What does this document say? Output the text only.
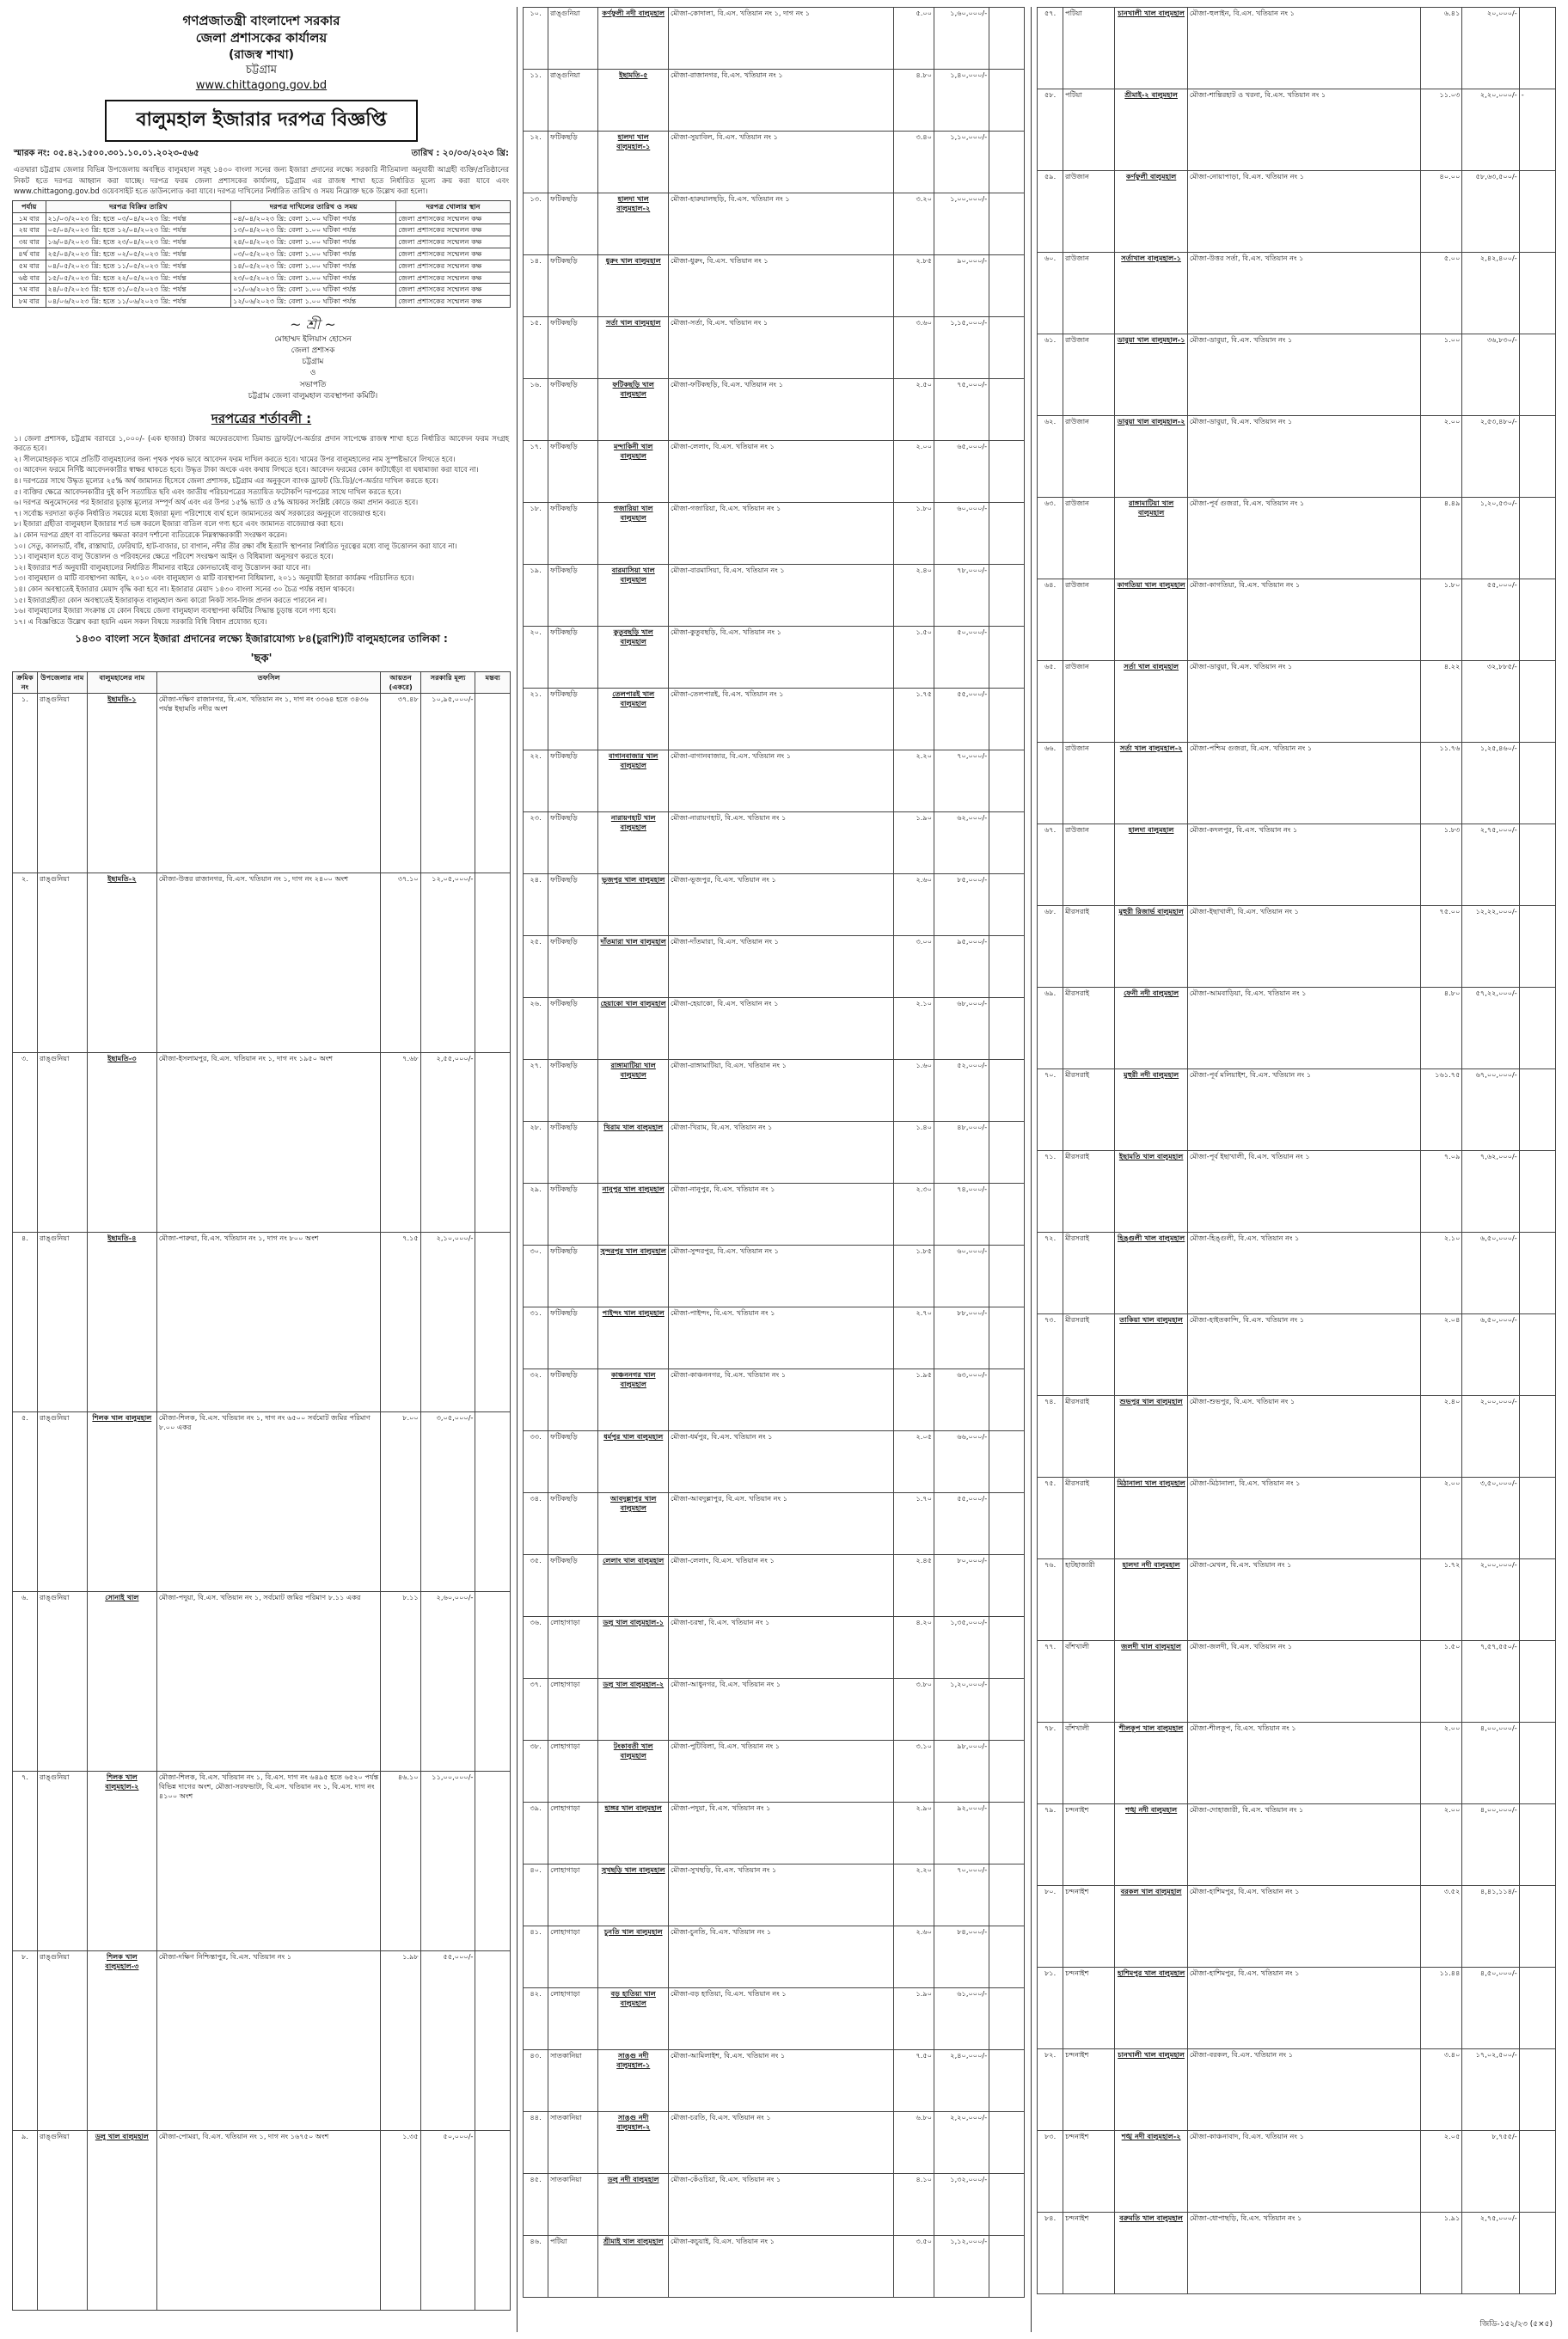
গণপ্রজাতন্ত্রী বাংলাদেশ সরকার
জেলা প্রশাসকের কার্যালয়
(রাজস্ব শাখা)
চট্টগ্রাম
www.chittagong.gov.bd
বালুমহাল ইজারার দরপত্র বিজ্ঞপ্তি
স্মারক নং: ০৫.৪২.১৫০০.৩০১.১০.০১.২০২৩-৫৬৫	তারিখ : ২০/০৩/২০২৩ খ্রি:
এতদ্বারা চট্টগ্রাম জেলার বিভিন্ন উপজেলায় অবস্থিত বালুমহাল সমূহ ১৪৩০ বাংলা সনের জন্য ইজারা প্রদানের লক্ষ্যে সরকারি নীতিমালা অনুযায়ী আগ্রহী ব্যক্তি/প্রতিষ্ঠানের নিকট হতে দরপত্র আহ্বান করা যাচ্ছে। দরপত্র ফরম জেলা প্রশাসকের কার্যালয়, চট্টগ্রাম এর রাজস্ব শাখা হতে নির্ধারিত মূল্যে ক্রয় করা যাবে এবং www.chittagong.gov.bd ওয়েবসাইট হতে ডাউনলোড করা যাবে। দরপত্র দাখিলের নির্ধারিত তারিখ ও সময় নিম্নোক্ত ছকে উল্লেখ করা হলো।
পর্যায়	দরপত্র বিক্রির তারিখ	দরপত্র দাখিলের তারিখ ও সময়	দরপত্র খোলার স্থান
১ম বার	২১/০৩/২০২৩ খ্রি: হতে ০৩/০৪/২০২৩ খ্রি: পর্যন্ত	০৪/০৪/২০২৩ খ্রি: বেলা ১.০০ ঘটিকা পর্যন্ত	জেলা প্রশাসকের সম্মেলন কক্ষ
২য় বার	০৫/০৪/২০২৩ খ্রি: হতে ১২/০৪/২০২৩ খ্রি: পর্যন্ত	১৩/০৪/২০২৩ খ্রি: বেলা ১.০০ ঘটিকা পর্যন্ত	জেলা প্রশাসকের সম্মেলন কক্ষ
৩য় বার	১৬/০৪/২০২৩ খ্রি: হতে ২৩/০৪/২০২৩ খ্রি: পর্যন্ত	২৪/০৪/২০২৩ খ্রি: বেলা ১.০০ ঘটিকা পর্যন্ত	জেলা প্রশাসকের সম্মেলন কক্ষ
৪র্থ বার	২৫/০৪/২০২৩ খ্রি: হতে ০২/০৫/২০২৩ খ্রি: পর্যন্ত	০৩/০৫/২০২৩ খ্রি: বেলা ১.০০ ঘটিকা পর্যন্ত	জেলা প্রশাসকের সম্মেলন কক্ষ
৫ম বার	০৪/০৫/২০২৩ খ্রি: হতে ১১/০৫/২০২৩ খ্রি: পর্যন্ত	১৪/০৫/২০২৩ খ্রি: বেলা ১.০০ ঘটিকা পর্যন্ত	জেলা প্রশাসকের সম্মেলন কক্ষ
৬ষ্ঠ বার	১৫/০৫/২০২৩ খ্রি: হতে ২২/০৫/২০২৩ খ্রি: পর্যন্ত	২৩/০৫/২০২৩ খ্রি: বেলা ১.০০ ঘটিকা পর্যন্ত	জেলা প্রশাসকের সম্মেলন কক্ষ
৭ম বার	২৪/০৫/২০২৩ খ্রি: হতে ৩১/০৫/২০২৩ খ্রি: পর্যন্ত	০১/০৬/২০২৩ খ্রি: বেলা ১.০০ ঘটিকা পর্যন্ত	জেলা প্রশাসকের সম্মেলন কক্ষ
৮ম বার	০৪/০৬/২০২৩ খ্রি: হতে ১১/০৬/২০২৩ খ্রি: পর্যন্ত	১২/০৬/২০২৩ খ্রি: বেলা ১.০০ ঘটিকা পর্যন্ত	জেলা প্রশাসকের সম্মেলন কক্ষ
~ শ্রী ~
মোহাম্মদ ইলিয়াস হোসেন
জেলা প্রশাসক
চট্টগ্রাম
ও
সভাপতি
চট্টগ্রাম জেলা বালুমহাল ব্যবস্থাপনা কমিটি।
দরপত্রের শর্তাবলী :
১। জেলা প্রশাসক, চট্টগ্রাম বরাবরে ১,০০০/- (এক হাজার) টাকার অফেরতযোগ্য ডিমান্ড ড্রাফট/পে-অর্ডার প্রদান সাপেক্ষে রাজস্ব শাখা হতে নির্ধারিত আবেদন ফরম সংগ্রহ করতে হবে।
২। সীলমোহরকৃত খামে প্রতিটি বালুমহালের জন্য পৃথক পৃথক ভাবে আবেদন ফরম দাখিল করতে হবে। খামের উপর বালুমহালের নাম সুস্পষ্টভাবে লিখতে হবে।
৩। আবেদন ফরমে নির্দিষ্ট আবেদনকারীর স্বাক্ষর থাকতে হবে। উদ্ধৃত টাকা অংকে এবং কথায় লিখতে হবে। আবেদন ফরমের কোন কাটাছেঁড়া বা ঘষামাজা করা যাবে না।
৪। দরপত্রের সাথে উদ্ধৃত মূল্যের ২৫% অর্থ জামানত হিসেবে জেলা প্রশাসক, চট্টগ্রাম এর অনুকূলে ব্যাংক ড্রাফট (ডি.ডি)/পে-অর্ডার দাখিল করতে হবে।
৫। ব্যক্তির ক্ষেত্রে আবেদনকারীর দুই কপি সত্যায়িত ছবি এবং জাতীয় পরিচয়পত্রের সত্যায়িত ফটোকপি দরপত্রের সাথে দাখিল করতে হবে।
৬। দরপত্র অনুমোদনের পর ইজারার চূড়ান্ত মূল্যের সম্পূর্ণ অর্থ এবং এর উপর ১৫% ভ্যাট ও ৫% আয়কর সংশ্লিষ্ট কোডে জমা প্রদান করতে হবে।
৭। সর্বোচ্চ দরদাতা কর্তৃক নির্ধারিত সময়ের মধ্যে ইজারা মূল্য পরিশোধে ব্যর্থ হলে জামানতের অর্থ সরকারের অনুকূলে বাজেয়াপ্ত হবে।
৮। ইজারা গ্রহীতা বালুমহাল ইজারার শর্ত ভঙ্গ করলে ইজারা বাতিল বলে গণ্য হবে এবং জামানত বাজেয়াপ্ত করা হবে।
৯। কোন দরপত্র গ্রহণ বা বাতিলের ক্ষমতা কারণ দর্শানো ব্যতিরেকে নিম্নস্বাক্ষরকারী সংরক্ষণ করেন।
১০। সেতু, কালভার্ট, বাঁধ, রাস্তাঘাট, ফেরিঘাট, হাট-বাজার, চা বাগান, নদীর তীর রক্ষা বাঁধ ইত্যাদি স্থাপনার নির্ধারিত দূরত্বের মধ্যে বালু উত্তোলন করা যাবে না।
১১। বালুমহাল হতে বালু উত্তোলন ও পরিবহনের ক্ষেত্রে পরিবেশ সংরক্ষণ আইন ও বিধিমালা অনুসরণ করতে হবে।
১২। ইজারার শর্ত অনুযায়ী বালুমহালের নির্ধারিত সীমানার বাইরে কোনভাবেই বালু উত্তোলন করা যাবে না।
১৩। বালুমহাল ও মাটি ব্যবস্থাপনা আইন, ২০১০ এবং বালুমহাল ও মাটি ব্যবস্থাপনা বিধিমালা, ২০১১ অনুযায়ী ইজারা কার্যক্রম পরিচালিত হবে।
১৪। কোন অবস্থাতেই ইজারার মেয়াদ বৃদ্ধি করা হবে না। ইজারার মেয়াদ ১৪৩০ বাংলা সনের ৩০ চৈত্র পর্যন্ত বহাল থাকবে।
১৫। ইজারাগ্রহীতা কোন অবস্থাতেই ইজারাকৃত বালুমহাল অন্য কারো নিকট সাব-লিজ প্রদান করতে পারবেন না।
১৬। বালুমহালের ইজারা সংক্রান্ত যে কোন বিষয়ে জেলা বালুমহাল ব্যবস্থাপনা কমিটির সিদ্ধান্ত চূড়ান্ত বলে গণ্য হবে।
১৭। এ বিজ্ঞপ্তিতে উল্লেখ করা হয়নি এমন সকল বিষয়ে সরকারি বিধি বিধান প্রযোজ্য হবে।
১৪৩০ বাংলা সনে ইজারা প্রদানের লক্ষ্যে ইজারাযোগ্য ৮৪(চুরাশি)টি বালুমহালের তালিকা :
'ছক'
ক্রমিক নং	উপজেলার নাম	বালুমহালের নাম	তফসিল	আয়তন (একরে)	সরকারি মূল্য	মন্তব্য
১.	রাঙ্গুনিয়া	ইছামতি-১	মৌজা-দক্ষিণ রাজানগর, বি.এস. খতিয়ান নং ১, দাগ নং ৩৩৬৪ হতে ৩৪৩৬ পর্যন্ত ইছামতি নদীর অংশ	৩৭.৪৮	১০,৯৫,০০০/-	
২.	রাঙ্গুনিয়া	ইছামতি-২	মৌজা-উত্তর রাজানগর, বি.এস. খতিয়ান নং ১, দাগ নং ২৪০০ অংশ	৩৭.১০	১২,০৫,০০০/-	
৩.	রাঙ্গুনিয়া	ইছামতি-৩	মৌজা-ইসলামপুর, বি.এস. খতিয়ান নং ১, দাগ নং ১৯৫০ অংশ	৭.৬৮	২,৫৫,০০০/-	
৪.	রাঙ্গুনিয়া	ইছামতি-৪	মৌজা-পারুয়া, বি.এস. খতিয়ান নং ১, দাগ নং ৮০০ অংশ	৭.১৫	২,১০,০০০/-	
৫.	রাঙ্গুনিয়া	শিলক খাল বালুমহাল	মৌজা-শিলক, বি.এস. খতিয়ান নং ১, দাগ নং ৬৫০০ সর্বমোট জমির পরিমাণ ৮.০০ একর	৮.০০	৩,০৫,০০০/-	
৬.	রাঙ্গুনিয়া	সোনাই খাল	মৌজা-পদুয়া, বি.এস. খতিয়ান নং ১, সর্বমোট জমির পরিমাণ ৮.১১ একর	৮.১১	২,৬০,০০০/-	
৭.	রাঙ্গুনিয়া	শিলক খাল বালুমহাল-২	মৌজা-শিলক, বি.এস. খতিয়ান নং ১, বি.এস. দাগ নং ৬৪৯৫ হতে ৬৫২০ পর্যন্ত বিভিন্ন দাগের অংশ, মৌজা-সরফভাটা, বি.এস. খতিয়ান নং ১, বি.এস. দাগ নং ৪১০০ অংশ	৪৬.১০	১১,০০,০০০/-	
৮.	রাঙ্গুনিয়া	শিলক খাল বালুমহাল-৩	মৌজা-দক্ষিণ নিশ্চিন্তাপুর, বি.এস. খতিয়ান নং ১	১.৯৮	৫৫,০০০/-	
৯.	রাঙ্গুনিয়া	ডলু খাল বালুমহাল	মৌজা-পোমরা, বি.এস. খতিয়ান নং ১, দাগ নং ১৬৭৫০ অংশ	১.৩৫	৫০,০০০/-	
১০.	রাঙ্গুনিয়া	কর্ণফুলী নদী বালুমহাল	মৌজা-কোদালা, বি.এস. খতিয়ান নং ১, দাগ নং ১	৫.০০	১,৬০,০০০/-	
১১.	রাঙ্গুনিয়া	ইছামতি-৫	মৌজা-রাজানগর, বি.এস. খতিয়ান নং ১	৪.৮০	১,৪০,০০০/-	
১২.	ফটিকছড়ি	হালদা খাল বালুমহাল-১	মৌজা-সুয়াবিল, বি.এস. খতিয়ান নং ১	৩.৪০	১,১০,০০০/-	
১৩.	ফটিকছড়ি	হালদা খাল বালুমহাল-২	মৌজা-হারুয়ালছড়ি, বি.এস. খতিয়ান নং ১	৩.২০	১,০০,০০০/-	
১৪.	ফটিকছড়ি	ধুরুং খাল বালুমহাল	মৌজা-ধুরুং, বি.এস. খতিয়ান নং ১	২.৮৫	৯০,০০০/-	
১৫.	ফটিকছড়ি	সর্তা খাল বালুমহাল	মৌজা-সর্তা, বি.এস. খতিয়ান নং ১	৩.৬০	১,১৫,০০০/-	
১৬.	ফটিকছড়ি	ফটিকছড়ি খাল বালুমহাল	মৌজা-ফটিকছড়ি, বি.এস. খতিয়ান নং ১	২.৫০	৭৫,০০০/-	
১৭.	ফটিকছড়ি	মন্দাকিনী খাল বালুমহাল	মৌজা-লেলাং, বি.এস. খতিয়ান নং ১	২.০০	৬৫,০০০/-	
১৮.	ফটিকছড়ি	গজারিয়া খাল বালুমহাল	মৌজা-গজারিয়া, বি.এস. খতিয়ান নং ১	১.৮০	৬০,০০০/-	
১৯.	ফটিকছড়ি	বারমাসিয়া খাল বালুমহাল	মৌজা-বারমাসিয়া, বি.এস. খতিয়ান নং ১	২.৪০	৭৮,০০০/-	
২০.	ফটিকছড়ি	কুতুবছড়ি খাল বালুমহাল	মৌজা-কুতুবছড়ি, বি.এস. খতিয়ান নং ১	১.৫০	৫০,০০০/-	
২১.	ফটিকছড়ি	তেলপারই খাল বালুমহাল	মৌজা-তেলপারই, বি.এস. খতিয়ান নং ১	১.৭৫	৫৫,০০০/-	
২২.	ফটিকছড়ি	বাগানবাজার খাল বালুমহাল	মৌজা-বাগানবাজার, বি.এস. খতিয়ান নং ১	২.২০	৭০,০০০/-	
২৩.	ফটিকছড়ি	নারায়ণহাট খাল বালুমহাল	মৌজা-নারায়ণহাট, বি.এস. খতিয়ান নং ১	১.৯০	৬২,০০০/-	
২৪.	ফটিকছড়ি	ভূজপুর খাল বালুমহাল	মৌজা-ভূজপুর, বি.এস. খতিয়ান নং ১	২.৬০	৮৫,০০০/-	
২৫.	ফটিকছড়ি	দাঁতমারা খাল বালুমহাল	মৌজা-দাঁতমারা, বি.এস. খতিয়ান নং ১	৩.০০	৯৫,০০০/-	
২৬.	ফটিকছড়ি	হেয়াকো খাল বালুমহাল	মৌজা-হেয়াকো, বি.এস. খতিয়ান নং ১	২.১০	৬৮,০০০/-	
২৭.	ফটিকছড়ি	রাঙ্গামাটিয়া খাল বালুমহাল	মৌজা-রাঙ্গামাটিয়া, বি.এস. খতিয়ান নং ১	১.৬০	৫২,০০০/-	
২৮.	ফটিকছড়ি	খিরাম খাল বালুমহাল	মৌজা-খিরাম, বি.এস. খতিয়ান নং ১	১.৪০	৪৮,০০০/-	
২৯.	ফটিকছড়ি	নানুপুর খাল বালুমহাল	মৌজা-নানুপুর, বি.এস. খতিয়ান নং ১	২.৩০	৭৪,০০০/-	
৩০.	ফটিকছড়ি	সুন্দরপুর খাল বালুমহাল	মৌজা-সুন্দরপুর, বি.এস. খতিয়ান নং ১	১.৮৫	৬০,০০০/-	
৩১.	ফটিকছড়ি	পাইন্দং খাল বালুমহাল	মৌজা-পাইন্দং, বি.এস. খতিয়ান নং ১	২.৭০	৮৮,০০০/-	
৩২.	ফটিকছড়ি	কাঞ্চননগর খাল বালুমহাল	মৌজা-কাঞ্চননগর, বি.এস. খতিয়ান নং ১	১.৯৫	৬৩,০০০/-	
৩৩.	ফটিকছড়ি	ধর্মপুর খাল বালুমহাল	মৌজা-ধর্মপুর, বি.এস. খতিয়ান নং ১	২.০৫	৬৬,০০০/-	
৩৪.	ফটিকছড়ি	আবদুল্লাপুর খাল বালুমহাল	মৌজা-আবদুল্লাপুর, বি.এস. খতিয়ান নং ১	১.৭০	৫৫,০০০/-	
৩৫.	ফটিকছড়ি	লেলাং খাল বালুমহাল	মৌজা-লেলাং, বি.এস. খতিয়ান নং ১	২.৪৫	৮০,০০০/-	
৩৬.	লোহাগাড়া	ডলু খাল বালুমহাল-১	মৌজা-চরম্বা, বি.এস. খতিয়ান নং ১	৪.২০	১,৩৫,০০০/-	
৩৭.	লোহাগাড়া	ডলু খাল বালুমহাল-২	মৌজা-আধুনগর, বি.এস. খতিয়ান নং ১	৩.৮০	১,২০,০০০/-	
৩৮.	লোহাগাড়া	টংকাবতী খাল বালুমহাল	মৌজা-পুটিবিলা, বি.এস. খতিয়ান নং ১	৩.১০	৯৮,০০০/-	
৩৯.	লোহাগাড়া	হাঙ্গর খাল বালুমহাল	মৌজা-পদুয়া, বি.এস. খতিয়ান নং ১	২.৯০	৯২,০০০/-	
৪০.	লোহাগাড়া	সুখছড়ি খাল বালুমহাল	মৌজা-সুখছড়ি, বি.এস. খতিয়ান নং ১	২.২০	৭০,০০০/-	
৪১.	লোহাগাড়া	চুনতি খাল বালুমহাল	মৌজা-চুনতি, বি.এস. খতিয়ান নং ১	২.৬০	৮৪,০০০/-	
৪২.	লোহাগাড়া	বড় হাতিয়া খাল বালুমহাল	মৌজা-বড় হাতিয়া, বি.এস. খতিয়ান নং ১	১.৯০	৬১,০০০/-	
৪৩.	সাতকানিয়া	সাঙ্গু নদী বালুমহাল-১	মৌজা-আমিলাইশ, বি.এস. খতিয়ান নং ১	৭.৫০	২,৪০,০০০/-	
৪৪.	সাতকানিয়া	সাঙ্গু নদী বালুমহাল-২	মৌজা-চরতি, বি.এস. খতিয়ান নং ১	৬.৮০	২,২০,০০০/-	
৪৫.	সাতকানিয়া	ডলু নদী বালুমহাল	মৌজা-কেঁওচিয়া, বি.এস. খতিয়ান নং ১	৪.১০	১,৩২,০০০/-	
৪৬.	পটিয়া	শ্রীমাই খাল বালুমহাল	মৌজা-কচুয়াই, বি.এস. খতিয়ান নং ১	৩.৫০	১,১২,০০০/-	
৫৭.	পটিয়া	চানখালী খাল বালুমহাল	মৌজা-হুলাইন, বি.এস. খতিয়ান নং ১	৬.৪১	২০,০০০/-	
৫৮.	পটিয়া	শ্রীমাই-২ বালুমহাল	মৌজা-শান্তিরহাট ও খরনা, বি.এস. খতিয়ান নং ১	১১.০৩	২,২০,০০০/-	-
৫৯.	রাউজান	কর্ণফুলী বালুমহাল	মৌজা-নোয়াপাড়া, বি.এস. খতিয়ান নং ১	৪০.০০	৫৮,৬৩,৫০০/-	
৬০.	রাউজান	সর্তাখাল বালুমহাল-১	মৌজা-উত্তর সর্তা, বি.এস. খতিয়ান নং ১	৫.০০	২,৪২,৪০০/-	
৬১.	রাউজান	ডাবুয়া খাল বালুমহাল-১	মৌজা-ডাবুয়া, বি.এস. খতিয়ান নং ১	১.০০	৩৬,৮৩০/-	
৬২.	রাউজান	ডাবুয়া খাল বালুমহাল-২	মৌজা-ডাবুয়া, বি.এস. খতিয়ান নং ১	২.০০	২,৫৩,৪৮০/-	
৬৩.	রাউজান	রাঙ্গামাটিয়া খাল বালুমহাল	মৌজা-পূর্ব গুজরা, বি.এস. খতিয়ান নং ১	৪.৪৯	১,২০,৫৩০/-	
৬৪.	রাউজান	কাগতিয়া খাল বালুমহাল	মৌজা-কাগতিয়া, বি.এস. খতিয়ান নং ১	১.৮০	৫৫,০০০/-	
৬৫.	রাউজান	সর্তা খাল বালুমহাল	মৌজা-ডাবুয়া, বি.এস. খতিয়ান নং ১	৪.২২	৩২,৮৮৫/-	
৬৬.	রাউজান	সর্তা খাল বালুমহাল-২	মৌজা-পশ্চিম গুজরা, বি.এস. খতিয়ান নং ১	১১.৭৬	১,২৫,৪৬০/-	
৬৭.	রাউজান	হালদা বালুমহাল	মৌজা-কদলপুর, বি.এস. খতিয়ান নং ১	১.৮৩	২,৭৫,০০০/-	
৬৮.	মীরসরাই	মুহুরী রিজার্ভ বালুমহাল	মৌজা-ইছাখালী, বি.এস. খতিয়ান নং ১	৭৫.০০	১২,২২,০০০/-	
৬৯.	মীরসরাই	ফেনী নদী বালুমহাল	মৌজা-আমবাড়িয়া, বি.এস. খতিয়ান নং ১	৪.৮০	৫৭,২২,০০০/-	
৭০.	মীরসরাই	মুহুরী নদী বালুমহাল	মৌজা-পূর্ব মলিয়াইশ, বি.এস. খতিয়ান নং ১	১৬১.৭৫	৬৭,০০,০০০/-	
৭১.	মীরসরাই	ইছামতি খাল বালুমহাল	মৌজা-পূর্ব ইছাখালী, বি.এস. খতিয়ান নং ১	৭.০৯	৭,৬২,০০০/-	
৭২.	মীরসরাই	হিঙ্গুলী খাল বালুমহাল	মৌজা-হিঙ্গুলী, বি.এস. খতিয়ান নং ১	২.১০	৬,৫০,০০০/-	
৭৩.	মীরসরাই	তাকিয়া খাল বালুমহাল	মৌজা-হাইতকান্দি, বি.এস. খতিয়ান নং ১	২.০৪	৬,৫০,০০০/-	
৭৪.	মীরসরাই	শুভপুর খাল বালুমহাল	মৌজা-শুভপুর, বি.এস. খতিয়ান নং ১	২.৪০	২,০০,০০০/-	
৭৫.	মীরসরাই	মিঠানালা খাল বালুমহাল	মৌজা-মিঠানালা, বি.এস. খতিয়ান নং ১	২.০০	৩,৫০,০০০/-	
৭৬.	হাটহাজারী	হালদা নদী বালুমহাল	মৌজা-মেখল, বি.এস. খতিয়ান নং ১	১.৭২	২,০০,০০০/-	
৭৭.	বাঁশখালী	জলদী খাল বালুমহাল	মৌজা-জলদী, বি.এস. খতিয়ান নং ১	১.৫০	৭,৫৭,৫৫০/-	
৭৮.	বাঁশখালী	শীলকূপ খাল বালুমহাল	মৌজা-শীলকূপ, বি.এস. খতিয়ান নং ১	২.০০	৪,০০,০০০/-	
৭৯.	চন্দনাইশ	শঙ্খ নদী বালুমহাল	মৌজা-দোহাজারী, বি.এস. খতিয়ান নং ১	২.০০	৪,০০,০০০/-	
৮০.	চন্দনাইশ	বরকল খাল বালুমহাল	মৌজা-হাশিমপুর, বি.এস. খতিয়ান নং ১	৩.৫২	৪,৪১,১১৪/-	
৮১.	চন্দনাইশ	হাশিমপুর খাল বালুমহাল	মৌজা-হাশিমপুর, বি.এস. খতিয়ান নং ১	১১.৪৪	৪,৫০,০০০/-	
৮২.	চন্দনাইশ	চানখালী খাল বালুমহাল	মৌজা-বরকল, বি.এস. খতিয়ান নং ১	৩.৪০	১৭,০২,৫০০/-	
৮৩.	চন্দনাইশ	শঙ্খ নদী বালুমহাল-২	মৌজা-কাঞ্চনাবাদ, বি.এস. খতিয়ান নং ১	২.০৫	৮,৭৫৫/-	
৮৪.	চন্দনাইশ	বরুমতি খাল বালুমহাল	মৌজা-ধোপাছড়ি, বি.এস. খতিয়ান নং ১	১.৯১	২,৭৫,০০০/-	
জিডি-১৫২/২৩ (৫×৫)
